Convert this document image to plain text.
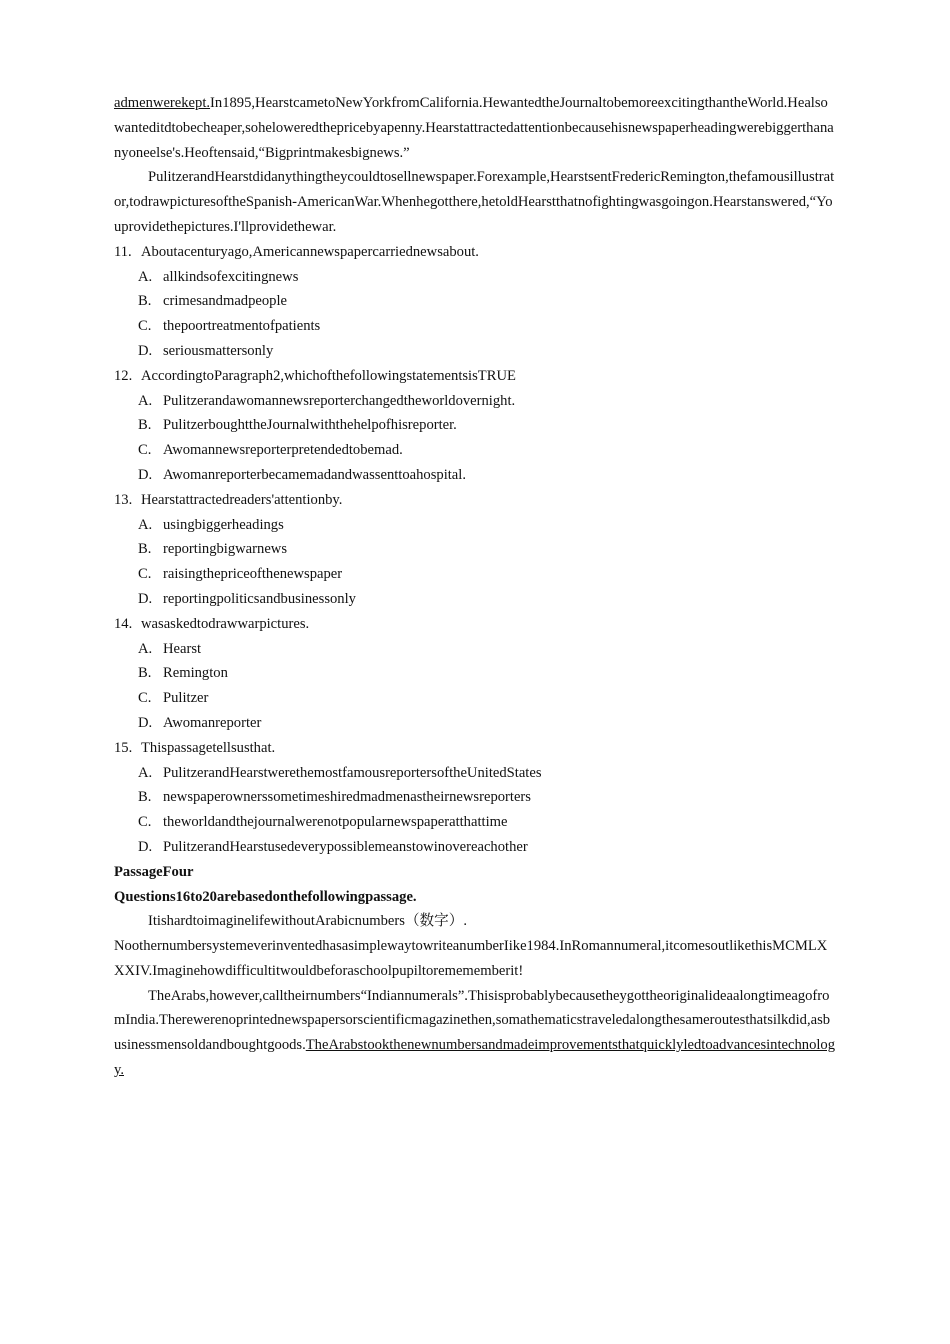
admenwerekept.In1895,HearstcametoNewYorkfromCalifornia.HewantedtheJournaltobemoreexcitingthantheWorld.Healsowanteditdtobecheaper,soheloweredthepricebyapenny.Hearstattractedattentionbecausehisnewspaperheadingwerebiggerthananyoneelse's.Heoftensaid,“Bigprintmakesbignews.”

PulitzerandHearstdidanythingtheycouldtosellnewspaper.Forexample,HearstsentFredericRemington,thefamousillustrator,todrawpicturesoftheSpanish-AmericanWar.Whenhegotthere,hetoldHearstthatnofightingwasgoingon.Hearstanswered,“Youprovidethepictures.I'llprovidethewar.

11. Aboutacenturyago,Americannewspapercarriednewsabout.

A. allkindsofexcitingnews
B. crimesandmadpeople
C. thepoortreatmentofpatients
D. seriousmattersonly

12. AccordingtoParagraph2,whichofthefollowingstatementsisTRUE

A. Pulitzerandawomannewsreporterchangedtheworldovernight.
B. PulitzerboughttheJournalwiththehelpofhisreporter.
C. Awomannewsreporterpretendedtobemad.
D. Awomanreporterbecamemadandwassenttoahospital.

13. Hearstattractedreaders'attentionby.

A. usingbiggerheadings
B. reportingbigwarnews
C. raisingthepriceofthenewspaper
D. reportingpoliticsandbusinessonly

14. wasaskedtodrawwarpictures.

A. Hearst
B. Remington
C. Pulitzer
D. Awomanreporter

15. Thispassagetellsusthat.

A. PulitzerandHearstwerethemostfamousreportersoftheUnitedStates
B. newspaperownerssometimeshiredmadmenastheirnewsreporters
C. theworldandthejournalwerenotpopularnewspaperatthattime
D. PulitzerandHearstusedeverypossiblemeanstowinovereachother

PassageFour

Questions16to20arebasedonthefollowingpassage.

ItishardtoimaginelifewithoutArabicnumbers（数字）.

NoothernumbersystemeverinventedhasasimplewaytowriteanumberIike1984.InRomannumeral,itcomesoutlikethisMCMLXXXIV.Imaginehowdifficultitwouldbeforaschoolpupiltoremememberit!

TheArabs,however,calltheirnumbers“Indiannumerals”.ThisisprobablybecausetheygottheoriginalideaalongtimeagofromIndia.Therewerenoprintednewspapersorscientificmagazinethen,somathematicstraveledalongthesameroutesthatsilkdid,asbusinessmensoldandboughtgoods.TheArabstookthenewnumbersandmadeimprovementsthatquicklyledtoadvancesintechnology.
